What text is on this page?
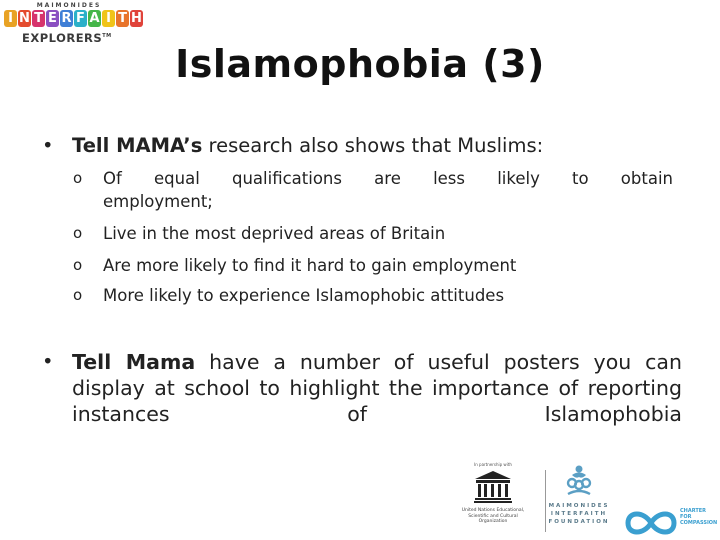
MAIMONIDES
I N T E R F A I T H
EXPLORERS™
Islamophobia (3)
• Tell MAMA’s research also shows that Muslims:
o Of equal qualifications are less likely to obtain
employment;
o Live in the most deprived areas of Britain
o Are more likely to find it hard to gain employment
o More likely to experience Islamophobic attitudes
• Tell Mama have a number of useful posters you can display at school to highlight the importance of reporting instances of Islamophobia
In partnership with
United Nations Educational, Scientific and Cultural Organization
MAIMONIDES
INTERFAITH
FOUNDATION
CHARTER
FOR
COMPASSION
